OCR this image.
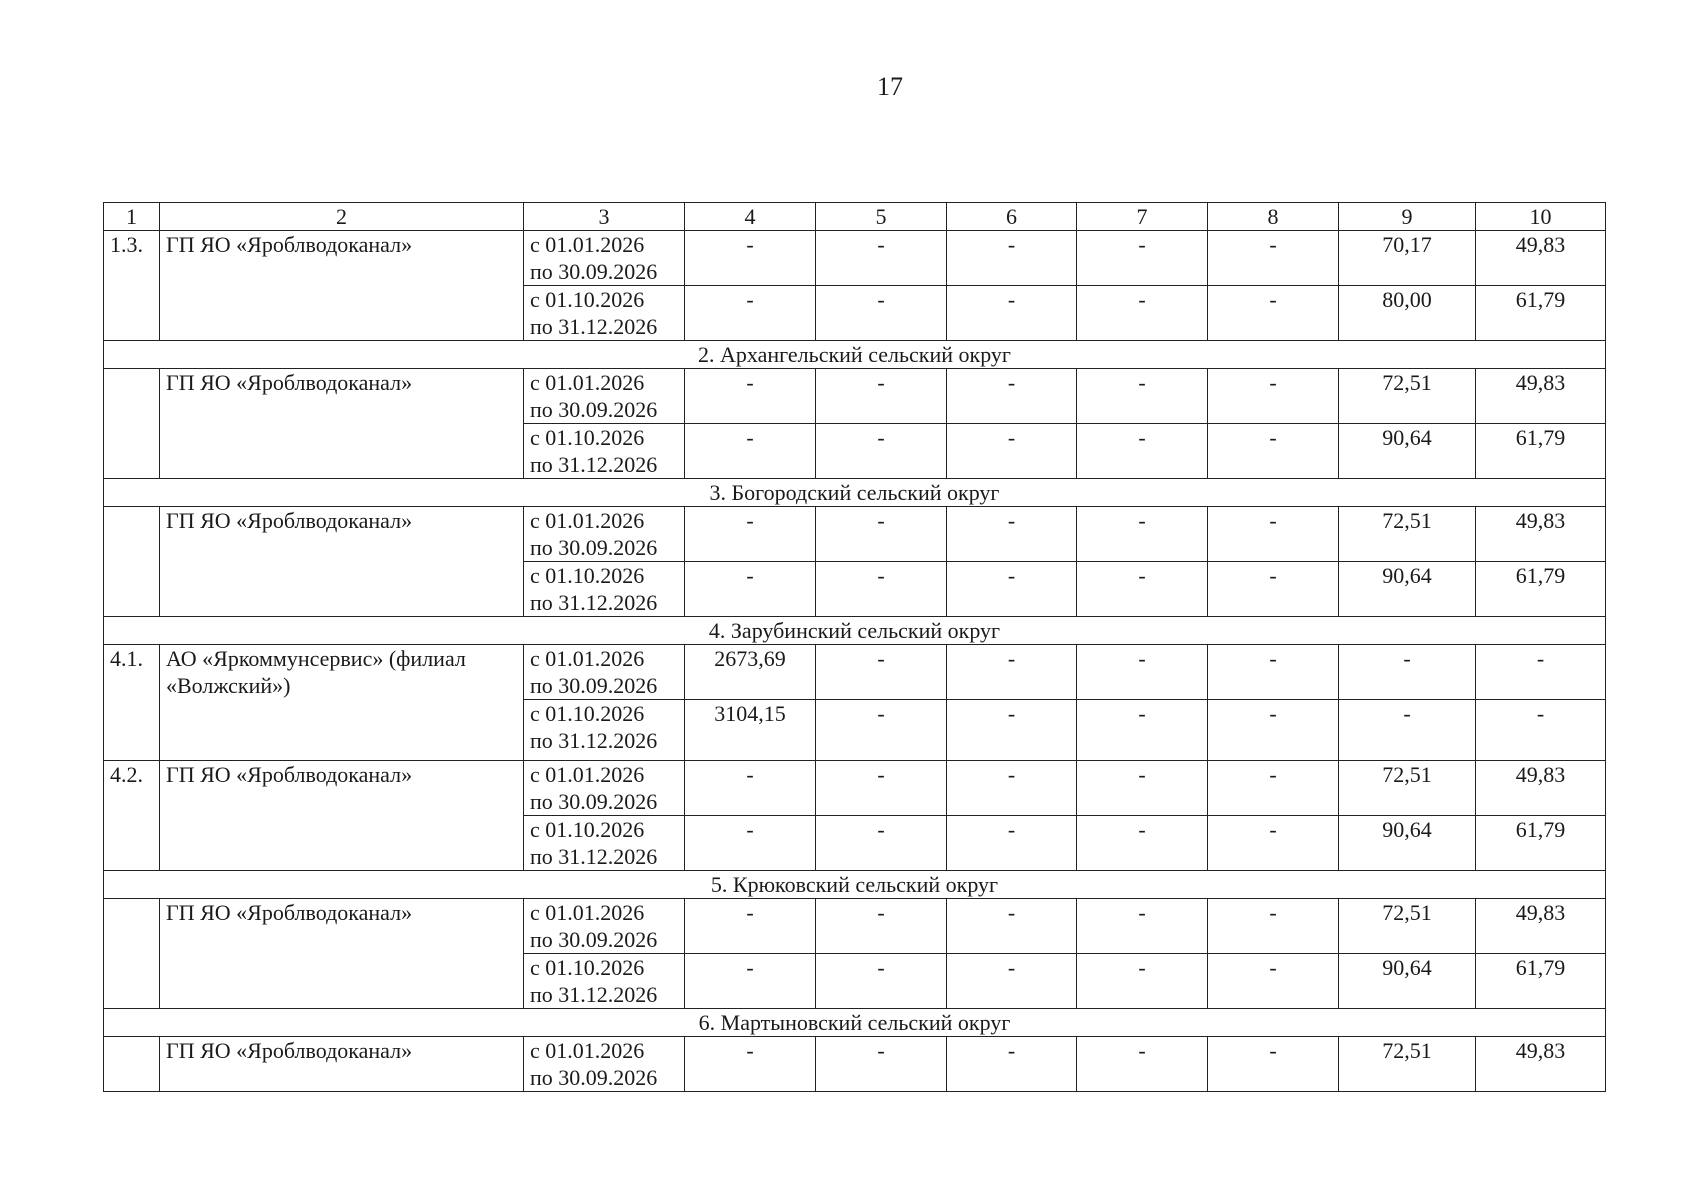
17
1	2	3	4	5	6	7	8	9	10
1.3.	ГП ЯО «Яроблводоканал»	с 01.01.2026
по 30.09.2026	-	-	-	-	-	70,17	49,83

		с 01.10.2026
по 31.12.2026	-	-	-	-	-	80,00	61,79
2. Архангельский сельский округ									
	ГП ЯО «Яроблводоканал»	с 01.01.2026
по 30.09.2026	-	-	-	-	-	72,51	49,83

		с 01.10.2026
по 31.12.2026	-	-	-	-	-	90,64	61,79
3. Богородский сельский округ									
	ГП ЯО «Яроблводоканал»	с 01.01.2026
по 30.09.2026	-	-	-	-	-	72,51	49,83

		с 01.10.2026
по 31.12.2026	-	-	-	-	-	90,64	61,79
4. Зарубинский сельский округ									
4.1.	АО «Яркоммунсервис» (филиал «Волжский»)	с 01.01.2026
по 30.09.2026	2673,69	-	-	-	-	-	-

		с 01.10.2026
по 31.12.2026	3104,15	-	-	-	-	-	-
4.2.	ГП ЯО «Яроблводоканал»	с 01.01.2026
по 30.09.2026	-	-	-	-	-	72,51	49,83

		с 01.10.2026
по 31.12.2026	-	-	-	-	-	90,64	61,79
5. Крюковский сельский округ									
	ГП ЯО «Яроблводоканал»	с 01.01.2026
по 30.09.2026	-	-	-	-	-	72,51	49,83

		с 01.10.2026
по 31.12.2026	-	-	-	-	-	90,64	61,79
6. Мартыновский сельский округ									
	ГП ЯО «Яроблводоканал»	с 01.01.2026
по 30.09.2026	-	-	-	-	-	72,51	49,83
